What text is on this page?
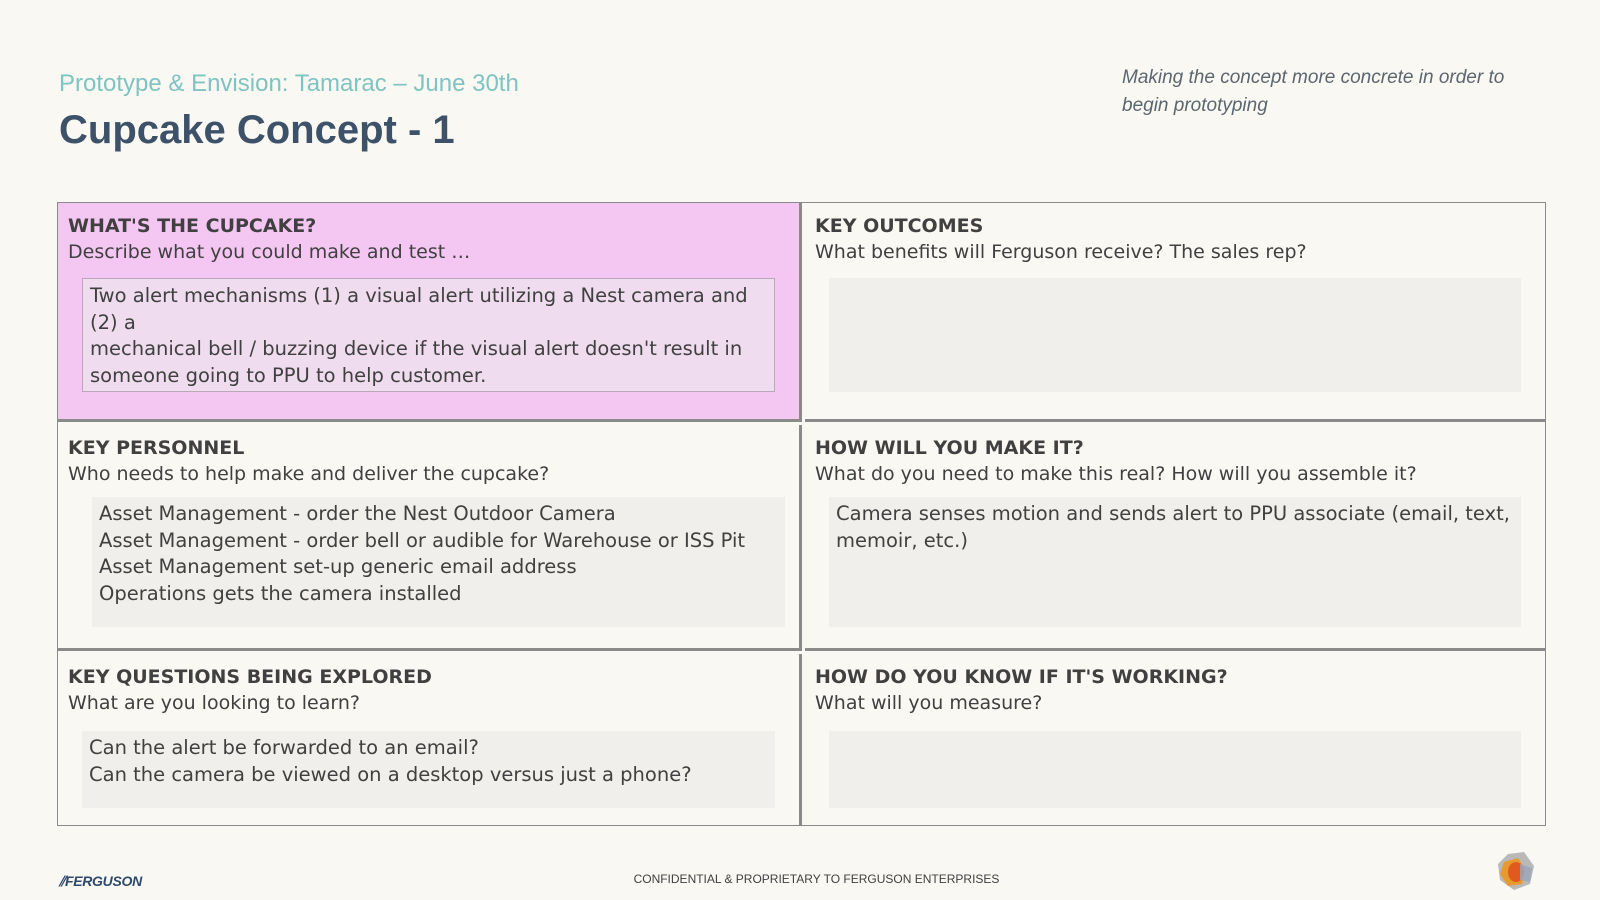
Prototype & Envision: Tamarac – June 30th
Cupcake Concept - 1

Making the concept more concrete in order to begin prototyping

WHAT'S THE CUPCAKE?
Describe what you could make and test …
Two alert mechanisms (1) a visual alert utilizing a Nest camera and (2) a
mechanical bell / buzzing device if the visual alert doesn't result in
someone going to PPU to help customer.
KEY OUTCOMES
What benefits will Ferguson receive? The sales rep?
KEY PERSONNEL
Who needs to help make and deliver the cupcake?
Asset Management - order the Nest Outdoor Camera
Asset Management - order bell or audible for Warehouse or ISS Pit
Asset Management set-up generic email address
Operations gets the camera installed
HOW WILL YOU MAKE IT?
What do you need to make this real? How will you assemble it?
Camera senses motion and sends alert to PPU associate (email, text,
memoir, etc.)
KEY QUESTIONS BEING EXPLORED
What are you looking to learn?
Can the alert be forwarded to an email?
Can the camera be viewed on a desktop versus just a phone?
HOW DO YOU KNOW IF IT'S WORKING?
What will you measure?
⫽FERGUSON	CONFIDENTIAL & PROPRIETARY TO FERGUSON ENTERPRISES
